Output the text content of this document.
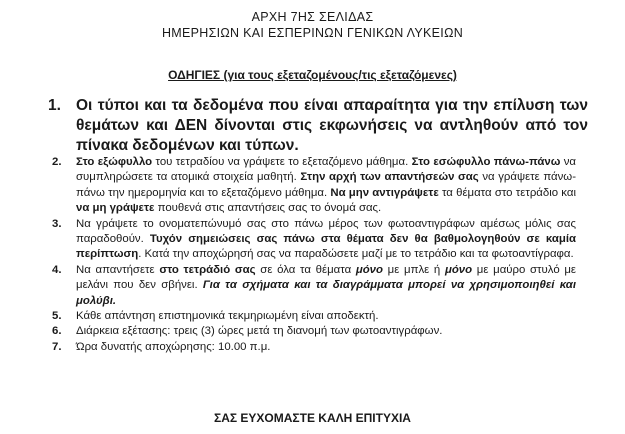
ΑΡΧΗ 7ΗΣ ΣΕΛΙΔΑΣ
ΗΜΕΡΗΣΙΩΝ ΚΑΙ ΕΣΠΕΡΙΝΩΝ ΓΕΝΙΚΩΝ ΛΥΚΕΙΩΝ
ΟΔΗΓΙΕΣ (για τους εξεταζομένους/τις εξεταζόμενες)
1. Οι τύποι και τα δεδομένα που είναι απαραίτητα για την επίλυση των θεμάτων και ΔΕΝ δίνονται στις εκφωνήσεις να αντληθούν από τον πίνακα δεδομένων και τύπων.

2. Στο εξώφυλλο του τετραδίου να γράψετε το εξεταζόμενο μάθημα. Στο εσώφυλλο πάνω-πάνω να συμπληρώσετε τα ατομικά στοιχεία μαθητή. Στην αρχή των απαντήσεών σας να γράψετε πάνω-πάνω την ημερομηνία και το εξεταζόμενο μάθημα. Να μην αντιγράψετε τα θέματα στο τετράδιο και να μη γράψετε πουθενά στις απαντήσεις σας το όνομά σας.

3. Να γράψετε το ονοματεπώνυμό σας στο πάνω μέρος των φωτοαντιγράφων αμέσως μόλις σας παραδοθούν. Τυχόν σημειώσεις σας πάνω στα θέματα δεν θα βαθμολογηθούν σε καμία περίπτωση. Κατά την αποχώρησή σας να παραδώσετε μαζί με το τετράδιο και τα φωτοαντίγραφα.

4. Να απαντήσετε στο τετράδιό σας σε όλα τα θέματα μόνο με μπλε ή μόνο με μαύρο στυλό με μελάνι που δεν σβήνει. Για τα σχήματα και τα διαγράμματα μπορεί να χρησιμοποιηθεί και μολύβι.

5. Κάθε απάντηση επιστημονικά τεκμηριωμένη είναι αποδεκτή.

6. Διάρκεια εξέτασης: τρεις (3) ώρες μετά τη διανομή των φωτοαντιγράφων.

7. Ώρα δυνατής αποχώρησης: 10.00 π.μ.

ΣΑΣ ΕΥΧΟΜΑΣΤΕ ΚΑΛΗ ΕΠΙΤΥΧΙΑ
